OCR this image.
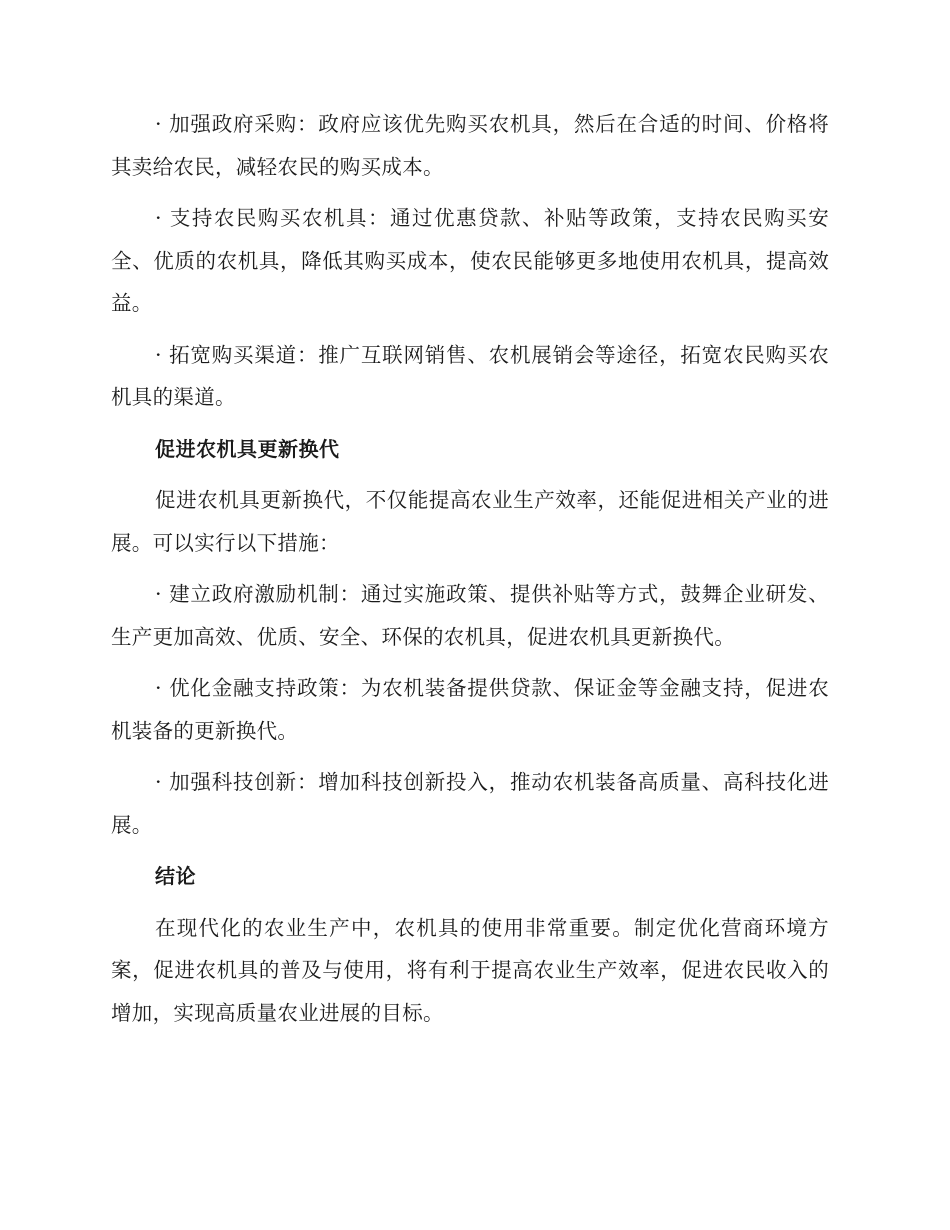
· 加强政府采购：政府应该优先购买农机具，然后在合适的时间、价格将其卖给农民，减轻农民的购买成本。

· 支持农民购买农机具：通过优惠贷款、补贴等政策，支持农民购买安全、优质的农机具，降低其购买成本，使农民能够更多地使用农机具，提高效益。

· 拓宽购买渠道：推广互联网销售、农机展销会等途径，拓宽农民购买农机具的渠道。

促进农机具更新换代

促进农机具更新换代，不仅能提高农业生产效率，还能促进相关产业的进展。可以实行以下措施：

· 建立政府激励机制：通过实施政策、提供补贴等方式，鼓舞企业研发、生产更加高效、优质、安全、环保的农机具，促进农机具更新换代。

· 优化金融支持政策：为农机装备提供贷款、保证金等金融支持，促进农机装备的更新换代。

· 加强科技创新：增加科技创新投入，推动农机装备高质量、高科技化进展。

结论

在现代化的农业生产中，农机具的使用非常重要。制定优化营商环境方案，促进农机具的普及与使用，将有利于提高农业生产效率，促进农民收入的增加，实现高质量农业进展的目标。
